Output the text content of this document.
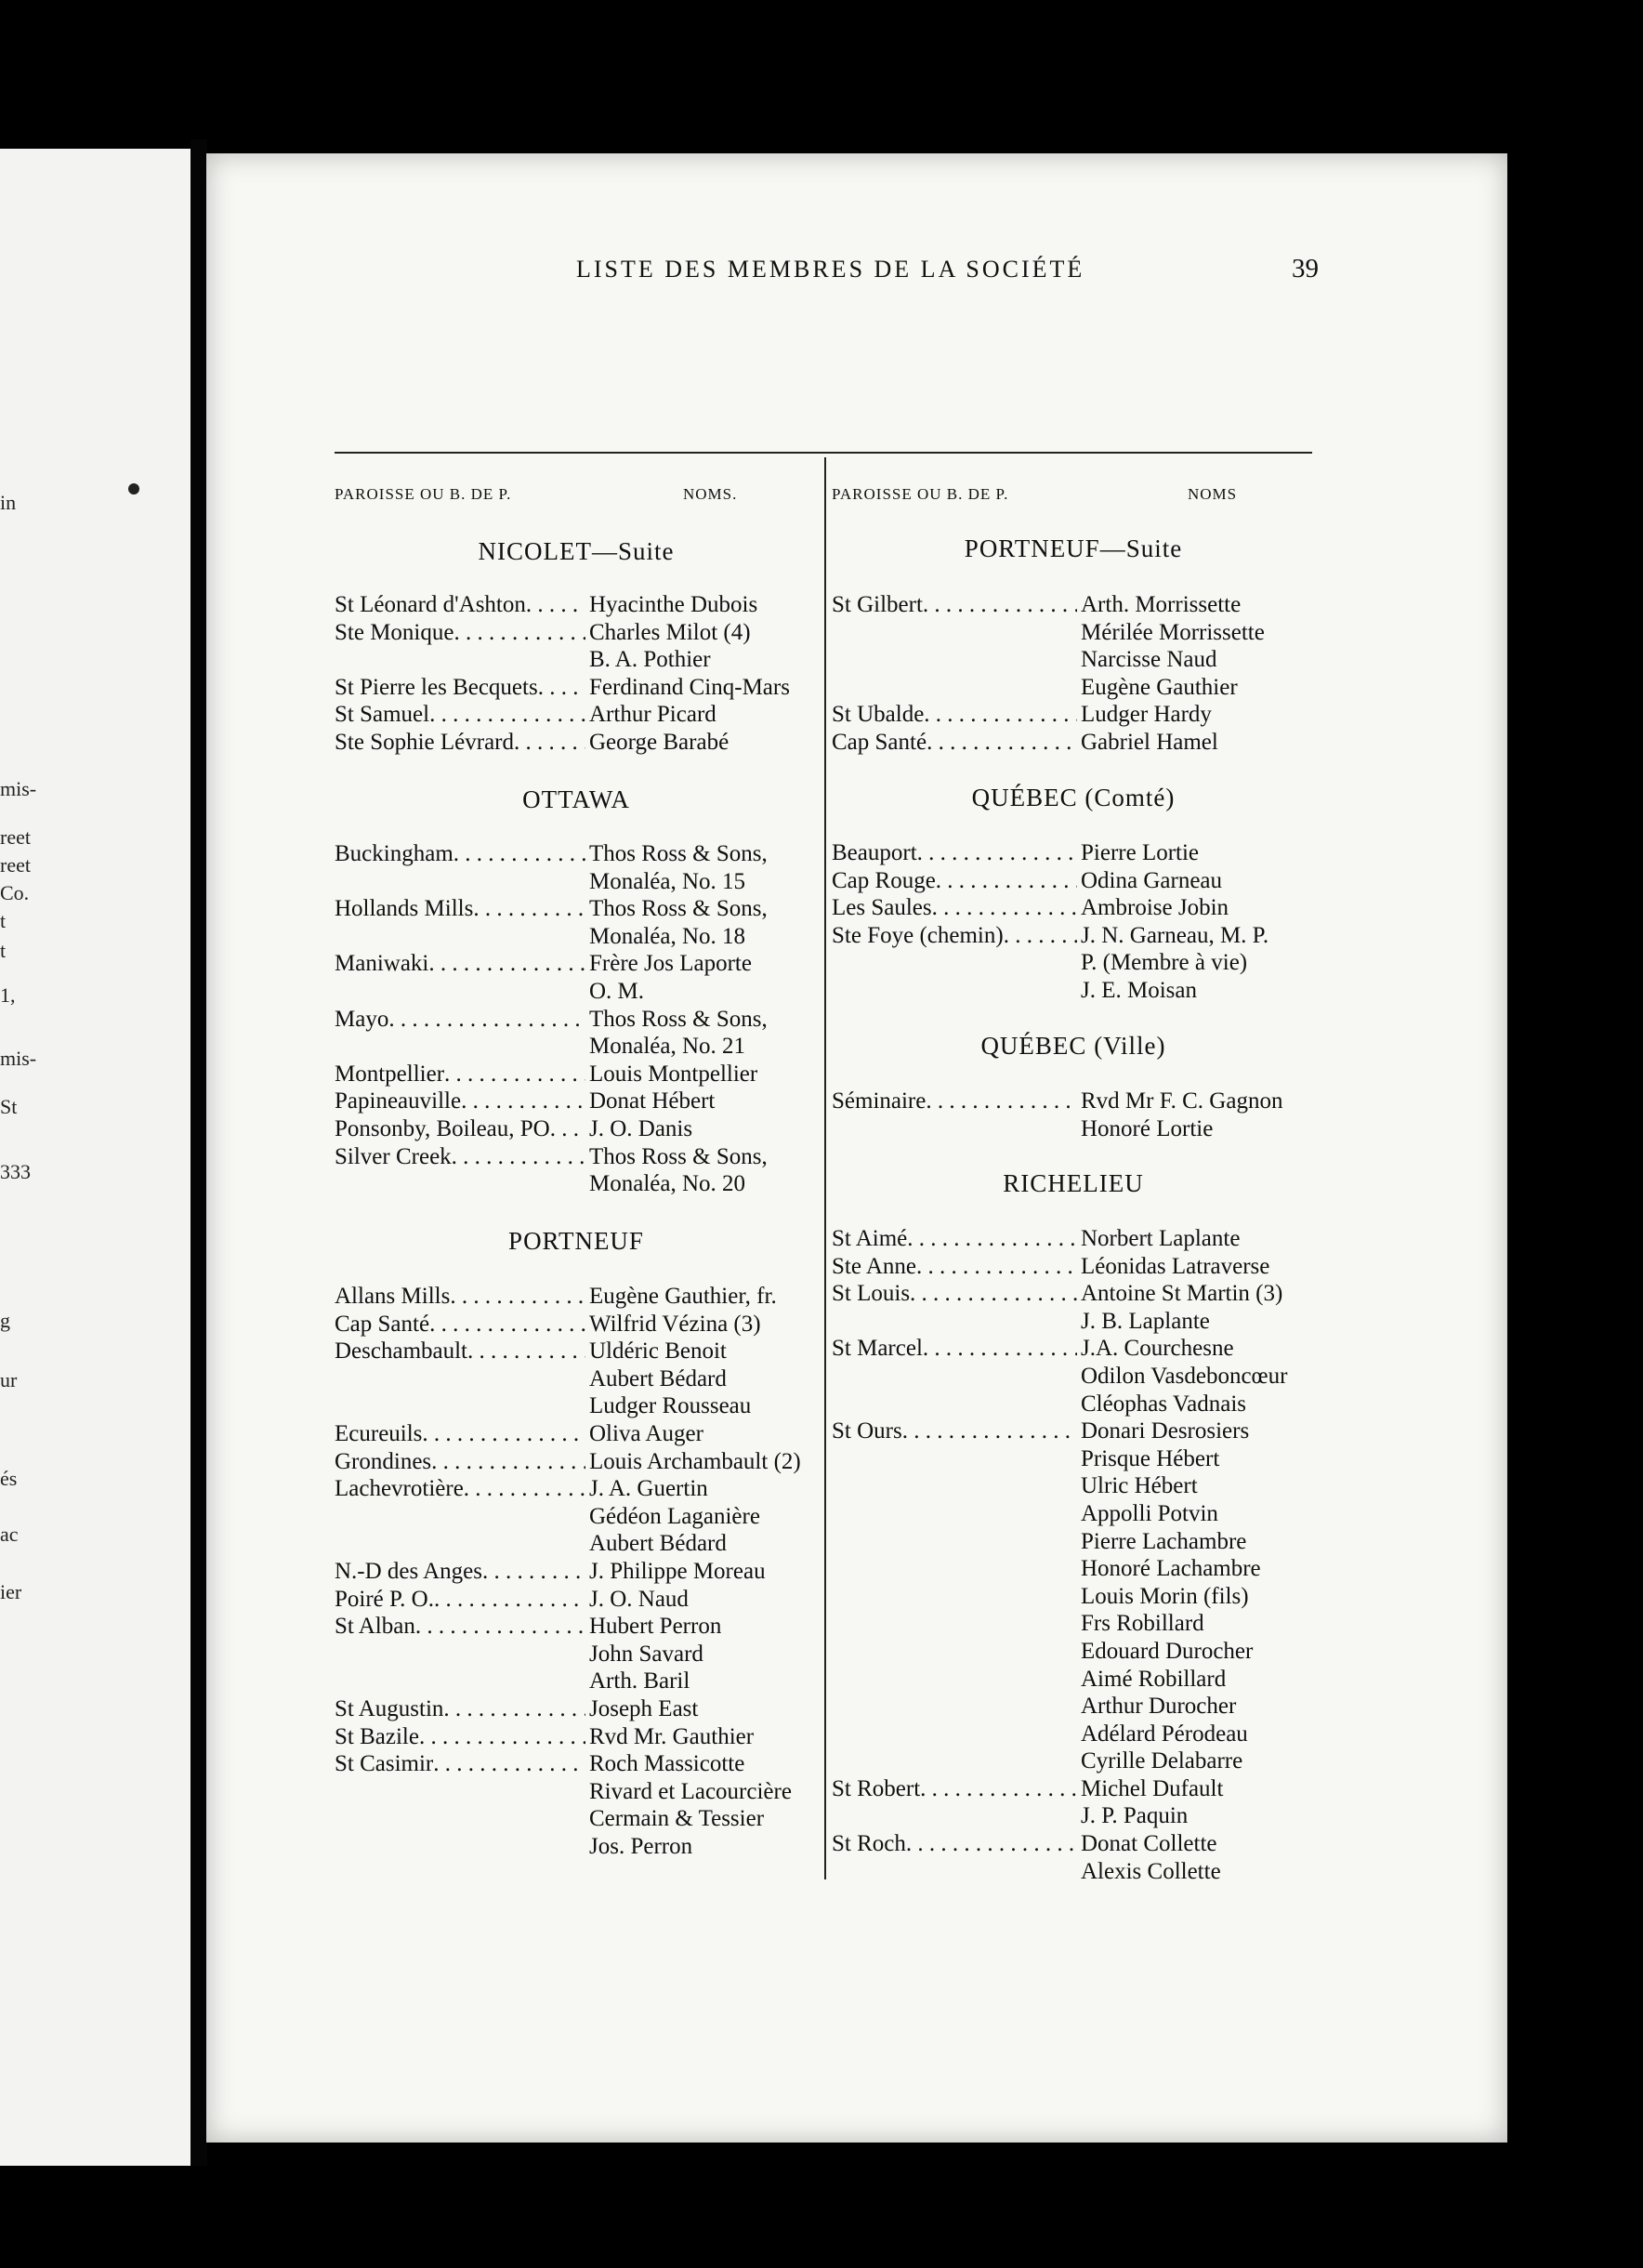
in
mis-
reet
reet
Co.
t
t
1,
mis-
St
333
g
ur
és
ac
ier
LISTE DES MEMBRES DE LA SOCIÉTÉ	39
PAROISSE OU B. DE P.	NOMS.	PAROISSE OU B. DE P.	NOMS
NICOLET—Suite
St Léonard d'Ashton . . .	Hyacinthe Dubois
Ste Monique . . .	Charles Milot (4)
B. A. Pothier
St Pierre les Becquets . . . Ferdinand Cinq-Mars
St Samuel . . .	Arthur Picard
Ste Sophie Lévrard . . .	George Barabé
OTTAWA
Buckingham . . .	Thos Ross & Sons,
Monaléa, No. 15
Hollands Mills . . .	Thos Ross & Sons,
Monaléa, No. 18
Maniwaki . . .	Frère Jos Laporte
O. M.
Mayo . . .	Thos Ross & Sons,
Monaléa, No. 21
Montpellier . . .	Louis Montpellier
Papineauville . . .	Donat Hébert
Ponsonby, Boileau, PO . . . J. O. Danis
Silver Creek . . .	Thos Ross & Sons,
Monaléa, No. 20
PORTNEUF
Allans Mills . . .	Eugène Gauthier, fr.
Cap Santé . . .	Wilfrid Vézina (3)
Deschambault . . .	Uldéric Benoit
Aubert Bédard
Ludger Rousseau
Ecureuils . . .	Oliva Auger
Grondines . . .	Louis Archambault (2)
Lachevrotière . . .	J. A. Guertin
Gédéon Laganière
Aubert Bédard
N.-D des Anges . . .	J. Philippe Moreau
Poiré P. O. . . .	J. O. Naud
St Alban . . .	Hubert Perron
John Savard
Arth. Baril
St Augustin . . .	Joseph East
St Bazile . . .	Rvd Mr. Gauthier
St Casimir . . .	Roch Massicotte
Rivard et Lacourcière
Cermain & Tessier
Jos. Perron
PORTNEUF—Suite
St Gilbert . . .	Arth. Morrissette
Mérilée Morrissette
Narcisse Naud
Eugène Gauthier
St Ubalde . . .	Ludger Hardy
Cap Santé . . .	Gabriel Hamel
QUÉBEC (Comté)
Beauport . . .	Pierre Lortie
Cap Rouge . . .	Odina Garneau
Les Saules . . .	Ambroise Jobin
Ste Foye (chemin) . . .	J. N. Garneau, M. P.
P. (Membre à vie)
J. E. Moisan
QUÉBEC (Ville)
Séminaire . . .	Rvd Mr F. C. Gagnon
Honoré Lortie
RICHELIEU
St Aimé . . .	Norbert Laplante
Ste Anne . . .	Léonidas Latraverse
St Louis . . .	Antoine St Martin (3)
J. B. Laplante
St Marcel . . .	J.A. Courchesne
Odilon Vasdeboncœur
Cléophas Vadnais
St Ours . . .	Donari Desrosiers
Prisque Hébert
Ulric Hébert
Appolli Potvin
Pierre Lachambre
Honoré Lachambre
Louis Morin (fils)
Frs Robillard
Edouard Durocher
Aimé Robillard
Arthur Durocher
Adélard Pérodeau
Cyrille Delabarre
St Robert . . .	Michel Dufault
J. P. Paquin
St Roch . . .	Donat Collette
Alexis Collette
